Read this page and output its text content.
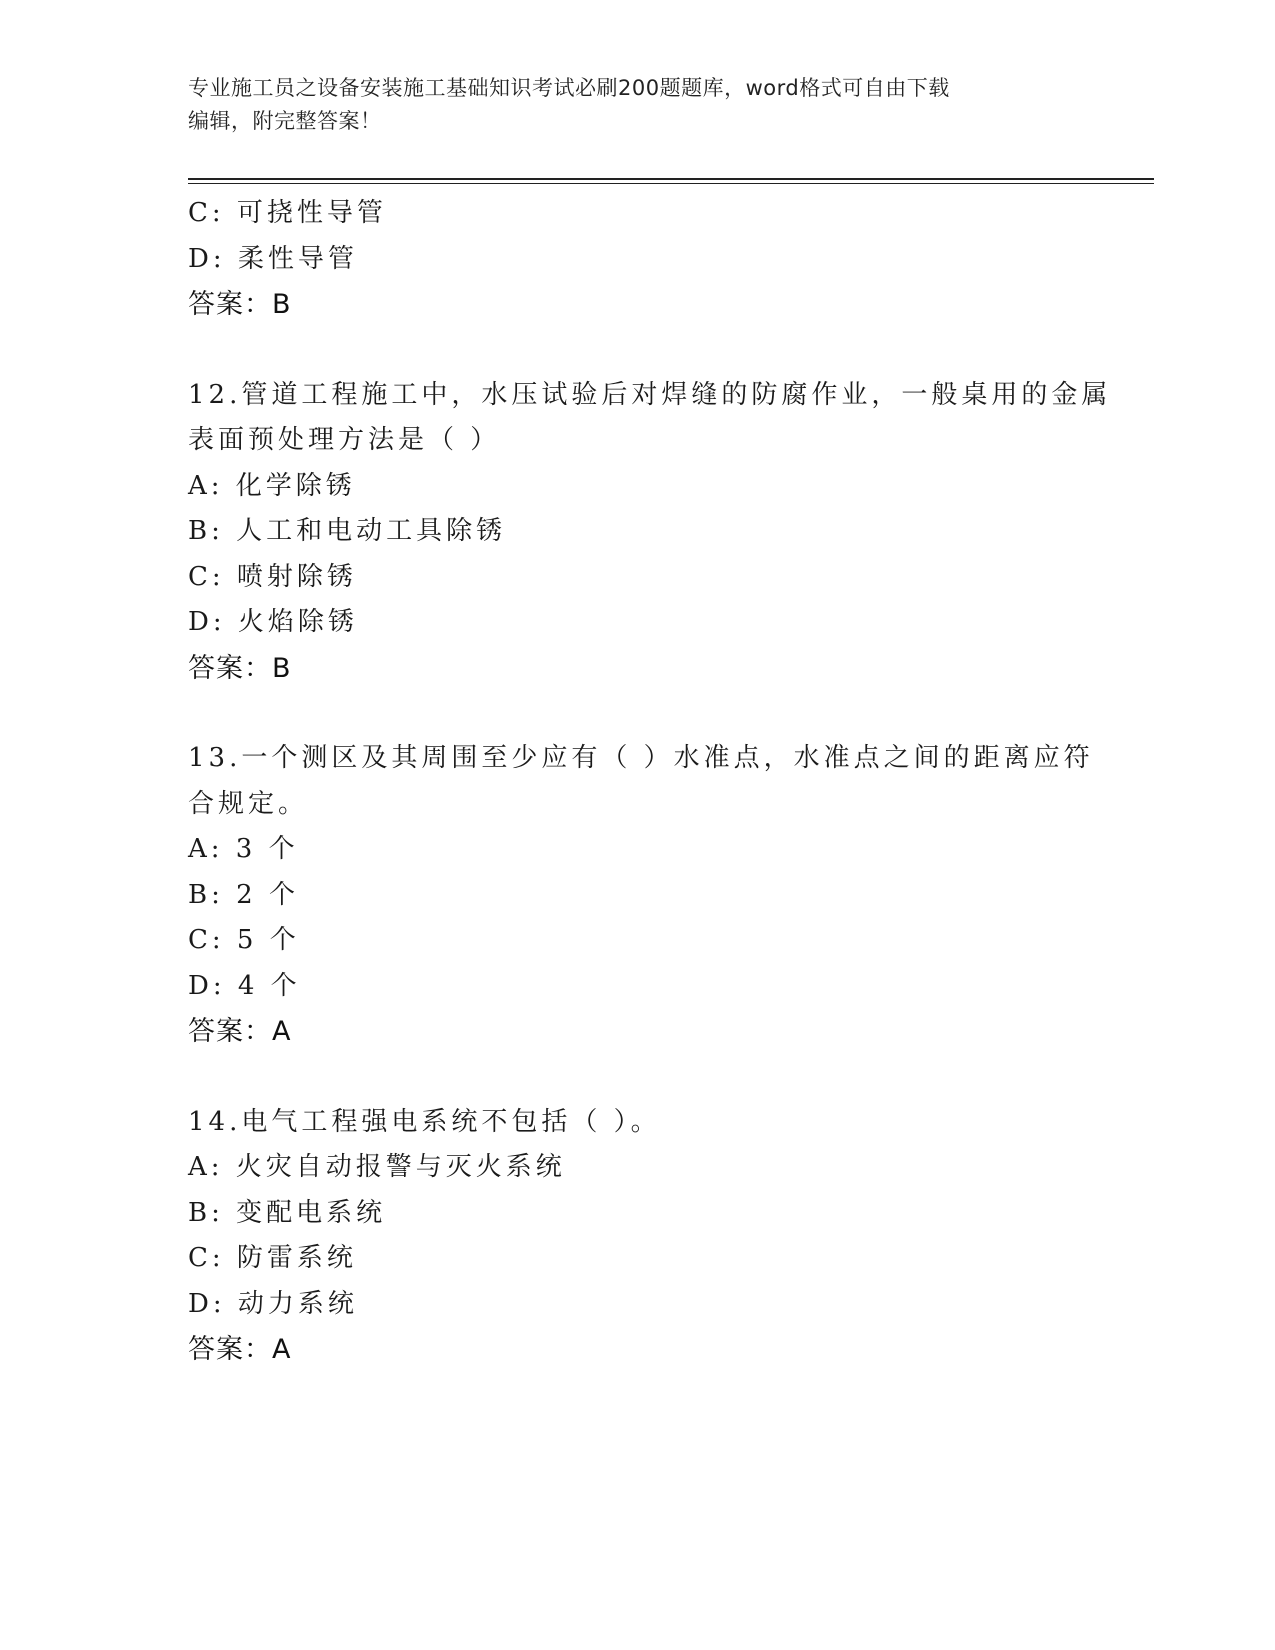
专业施工员之设备安装施工基础知识考试必刷200题题库，word格式可自由下载
编辑，附完整答案！
C: 可挠性导管
D: 柔性导管
答案：B
12.管道工程施工中，水压试验后对焊缝的防腐作业，一般桌用的金属
表面预处理方法是（ ）
A: 化学除锈
B: 人工和电动工具除锈
C: 喷射除锈
D: 火焰除锈
答案：B
13.一个测区及其周围至少应有（ ）水准点，水准点之间的距离应符
合规定。
A: 3 个
B: 2 个
C: 5 个
D: 4 个
答案：A
14.电气工程强电系统不包括（ ）。
A: 火灾自动报警与灭火系统
B: 变配电系统
C: 防雷系统
D: 动力系统
答案：A
